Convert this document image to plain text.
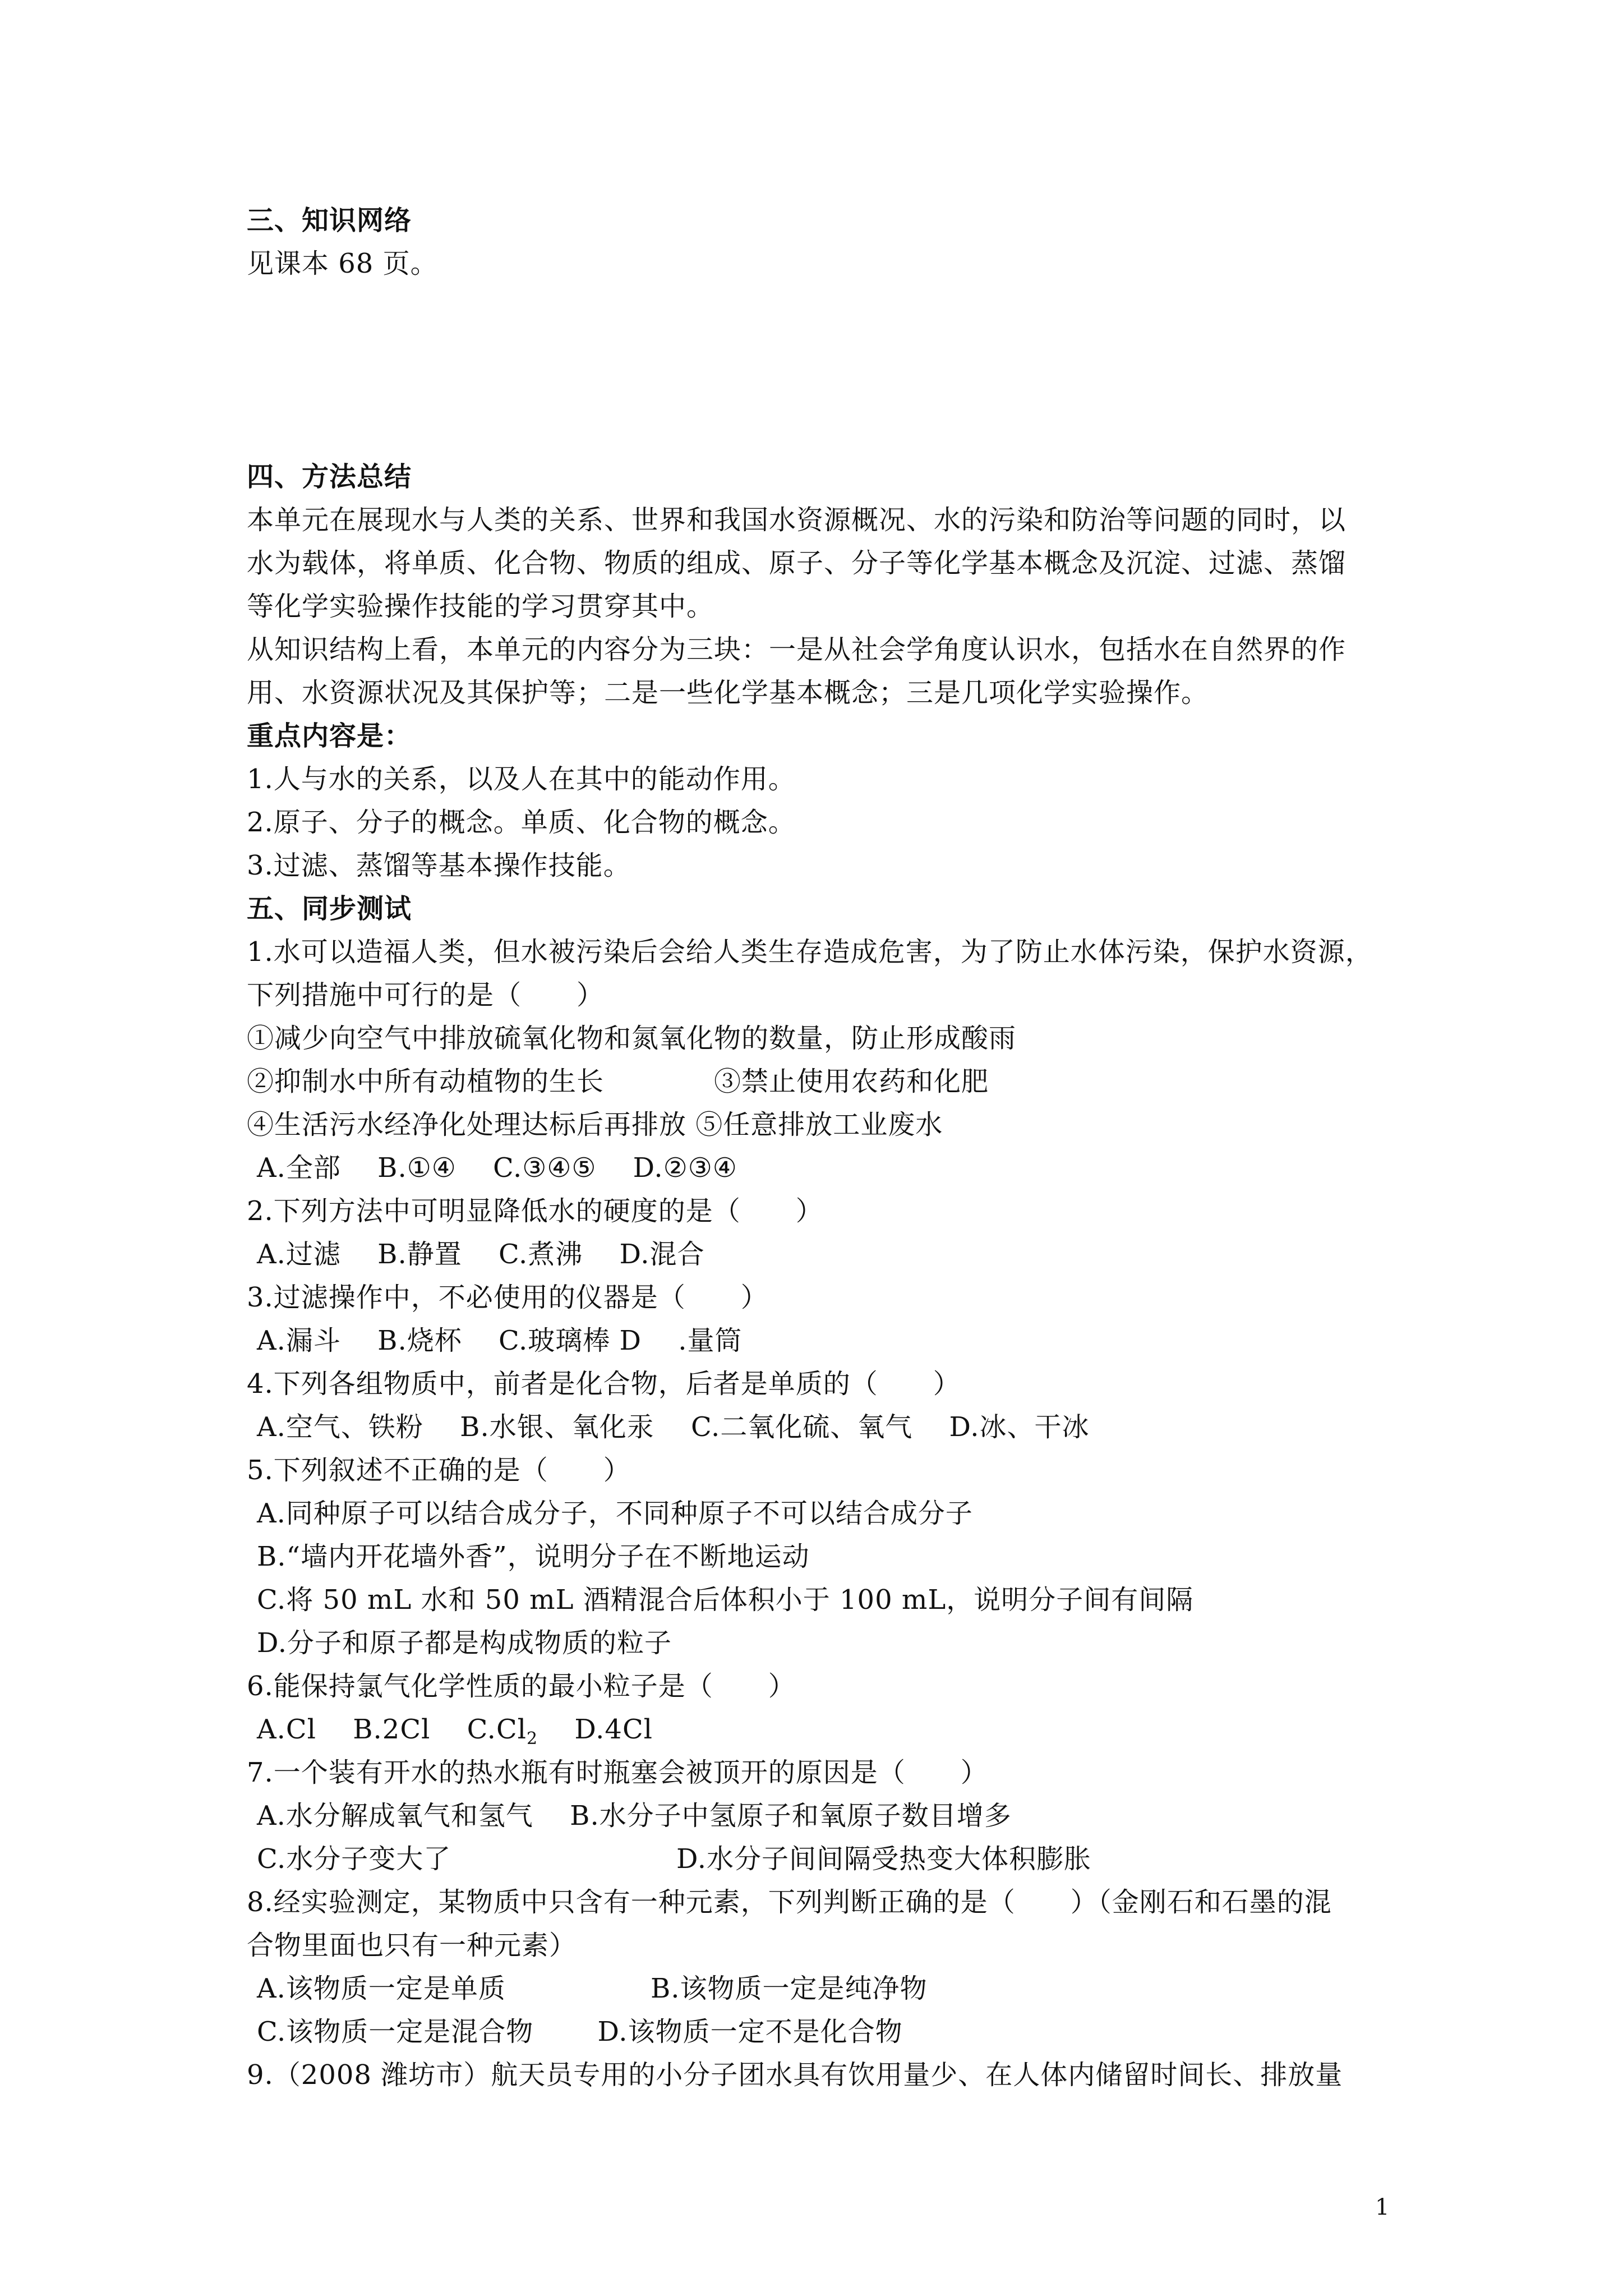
三、知识网络
见课本 68 页。
四、方法总结
本单元在展现水与人类的关系、世界和我国水资源概况、水的污染和防治等问题的同时，以
水为载体，将单质、化合物、物质的组成、原子、分子等化学基本概念及沉淀、过滤、蒸馏
等化学实验操作技能的学习贯穿其中。
从知识结构上看，本单元的内容分为三块：一是从社会学角度认识水，包括水在自然界的作
用、水资源状况及其保护等；二是一些化学基本概念；三是几项化学实验操作。
重点内容是：
1.人与水的关系，以及人在其中的能动作用。
2.原子、分子的概念。单质、化合物的概念。
3.过滤、蒸馏等基本操作技能。
五、同步测试
1.水可以造福人类，但水被污染后会给人类生存造成危害，为了防止水体污染，保护水资源，
下列措施中可行的是（　　）
①减少向空气中排放硫氧化物和氮氧化物的数量，防止形成酸雨
②抑制水中所有动植物的生长　　　　③禁止使用农药和化肥
④生活污水经净化处理达标后再排放 ⑤任意排放工业废水
A.全部　 B.①④　 C.③④⑤　 D.②③④
2.下列方法中可明显降低水的硬度的是（　　）
A.过滤　 B.静置　 C.煮沸　 D.混合
3.过滤操作中，不必使用的仪器是（　　）
A.漏斗　 B.烧杯　 C.玻璃棒 D　 .量筒
4.下列各组物质中，前者是化合物，后者是单质的（　　）
A.空气、铁粉　 B.水银、氧化汞　 C.二氧化硫、氧气　 D.冰、干冰
5.下列叙述不正确的是（　　）
A.同种原子可以结合成分子，不同种原子不可以结合成分子
B.“墙内开花墙外香”，说明分子在不断地运动
C.将 50 mL 水和 50 mL 酒精混合后体积小于 100 mL，说明分子间有间隔
D.分子和原子都是构成物质的粒子
6.能保持氯气化学性质的最小粒子是（　　）
A.Cl　 B.2Cl　 $C.Cl_2$　 D.4Cl
7.一个装有开水的热水瓶有时瓶塞会被顶开的原因是（　　）
A.水分解成氧气和氢气　 B.水分子中氢原子和氧原子数目增多
C.水分子变大了	D.水分子间间隔受热变大体积膨胀
8.经实验测定，某物质中只含有一种元素，下列判断正确的是（　　）（金刚石和石墨的混
合物里面也只有一种元素）
A.该物质一定是单质	B.该物质一定是纯净物
C.该物质一定是混合物　　 D.该物质一定不是化合物
9.（2008 潍坊市）航天员专用的小分子团水具有饮用量少、在人体内储留时间长、排放量
1
